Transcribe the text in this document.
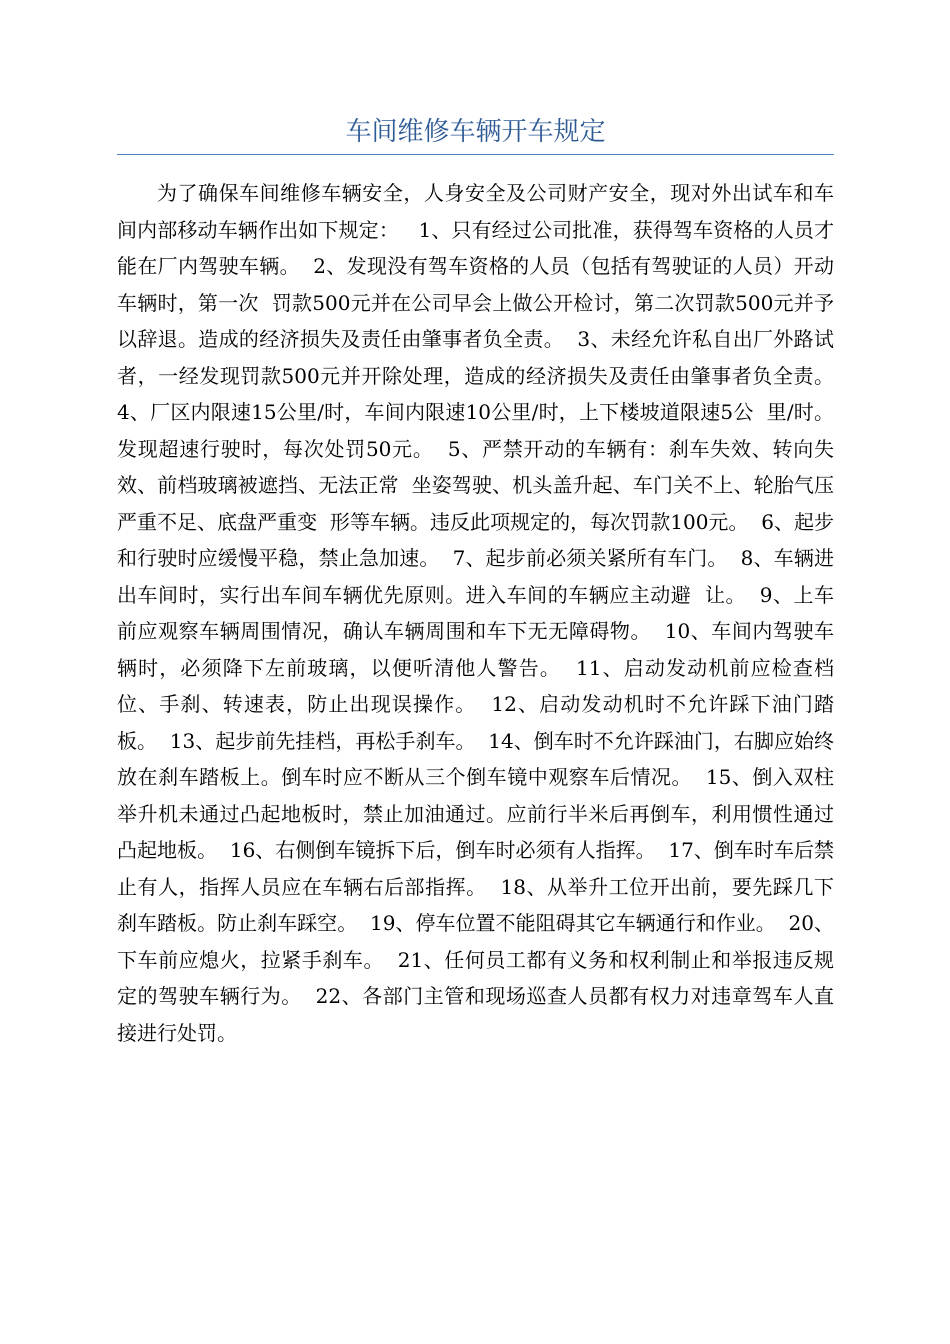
车间维修车辆开车规定

为了确保车间维修车辆安全，人身安全及公司财产安全，现对外出试车和车间内部移动车辆作出如下规定：   1、只有经过公司批准，获得驾车资格的人员才能在厂内驾驶车辆。  2、发现没有驾车资格的人员（包括有驾驶证的人员）开动车辆时，第一次  罚款500元并在公司早会上做公开检讨，第二次罚款500元并予以辞退。造成的经济损失及责任由肇事者负全责。  3、未经允许私自出厂外路试者，一经发现罚款500元并开除处理，造成的经济损失及责任由肇事者负全责。  4、厂区内限速15公里/时，车间内限速10公里/时，上下楼坡道限速5公  里/时。发现超速行驶时，每次处罚50元。  5、严禁开动的车辆有：刹车失效、转向失效、前档玻璃被遮挡、无法正常  坐姿驾驶、机头盖升起、车门关不上、轮胎气压严重不足、底盘严重变  形等车辆。违反此项规定的，每次罚款100元。  6、起步和行驶时应缓慢平稳，禁止急加速。  7、起步前必须关紧所有车门。  8、车辆进出车间时，实行出车间车辆优先原则。进入车间的车辆应主动避  让。  9、上车前应观察车辆周围情况，确认车辆周围和车下无无障碍物。  10、车间内驾驶车辆时，必须降下左前玻璃，以便听清他人警告。  11、启动发动机前应检查档位、手刹、转速表，防止出现误操作。  12、启动发动机时不允许踩下油门踏板。  13、起步前先挂档，再松手刹车。  14、倒车时不允许踩油门，右脚应始终放在刹车踏板上。倒车时应不断从三个倒车镜中观察车后情况。  15、倒入双柱举升机未通过凸起地板时，禁止加油通过。应前行半米后再倒车，利用惯性通过凸起地板。  16、右侧倒车镜拆下后，倒车时必须有人指挥。  17、倒车时车后禁止有人，指挥人员应在车辆右后部指挥。  18、从举升工位开出前，要先踩几下刹车踏板。防止刹车踩空。  19、停车位置不能阻碍其它车辆通行和作业。  20、下车前应熄火，拉紧手刹车。  21、任何员工都有义务和权利制止和举报违反规定的驾驶车辆行为。  22、各部门主管和现场巡查人员都有权力对违章驾车人直接进行处罚。
